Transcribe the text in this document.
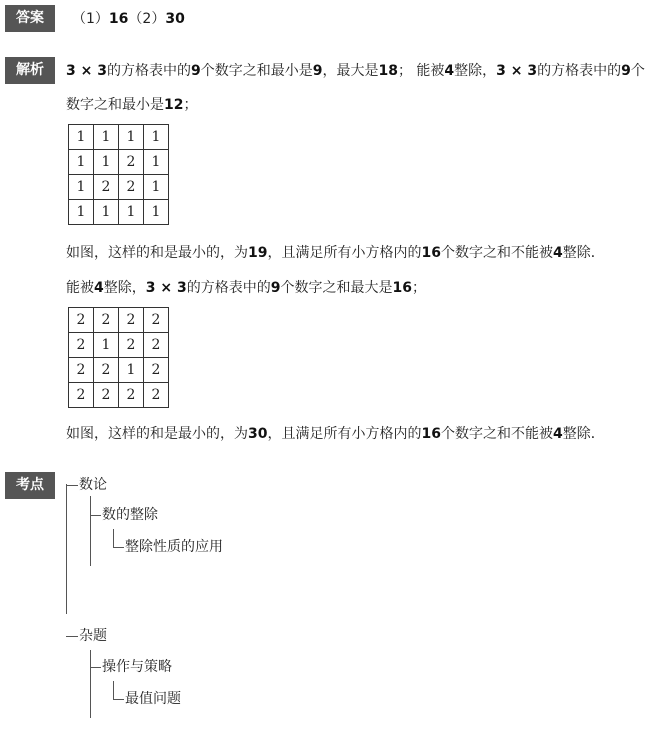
答案	（1）16（2）30
解析	3 × 3的方格表中的9个数字之和最小是9，最大是18； 能被4整除，3 × 3的方格表中的9个
数字之和最小是12；
1	1	1	1
1	1	2	1
1	2	2	1
1	1	1	1
如图，这样的和是最小的，为19，且满足所有小方格内的16个数字之和不能被4整除．
能被4整除，3 × 3的方格表中的9个数字之和最大是16；
2	2	2	2
2	1	2	2
2	2	1	2
2	2	2	2
如图，这样的和是最小的，为30，且满足所有小方格内的16个数字之和不能被4整除．
考点	数论
数的整除
整除性质的应用
杂题
操作与策略
最值问题
